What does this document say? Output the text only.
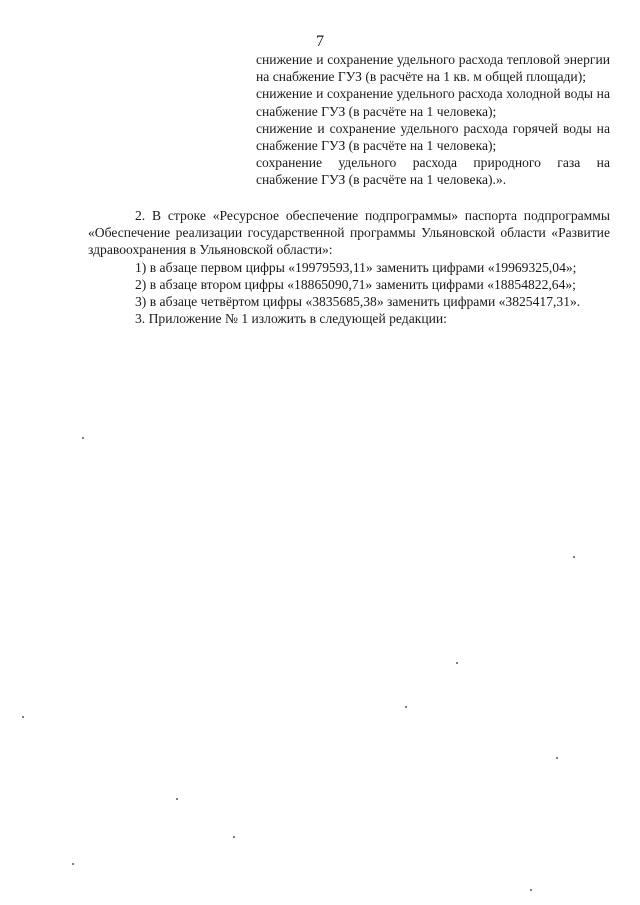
7

снижение и сохранение удельного расхода тепловой энергии на снабжение ГУЗ (в расчёте на 1 кв. м общей площади);

снижение и сохранение удельного расхода холодной воды на снабжение ГУЗ (в расчёте на 1 человека);

снижение и сохранение удельного расхода горячей воды на снабжение ГУЗ (в расчёте на 1 человека);

сохранение удельного расхода природного газа на снабжение ГУЗ (в расчёте на 1 человека).».

2. В строке «Ресурсное обеспечение подпрограммы» паспорта подпрограммы «Обеспечение реализации государственной программы Ульяновской области «Развитие здравоохранения в Ульяновской области»:

1) в абзаце первом цифры «19979593,11» заменить цифрами «19969325,04»;

2) в абзаце втором цифры «18865090,71» заменить цифрами «18854822,64»;

3) в абзаце четвёртом цифры «3835685,38» заменить цифрами «3825417,31».

3. Приложение № 1 изложить в следующей редакции:
